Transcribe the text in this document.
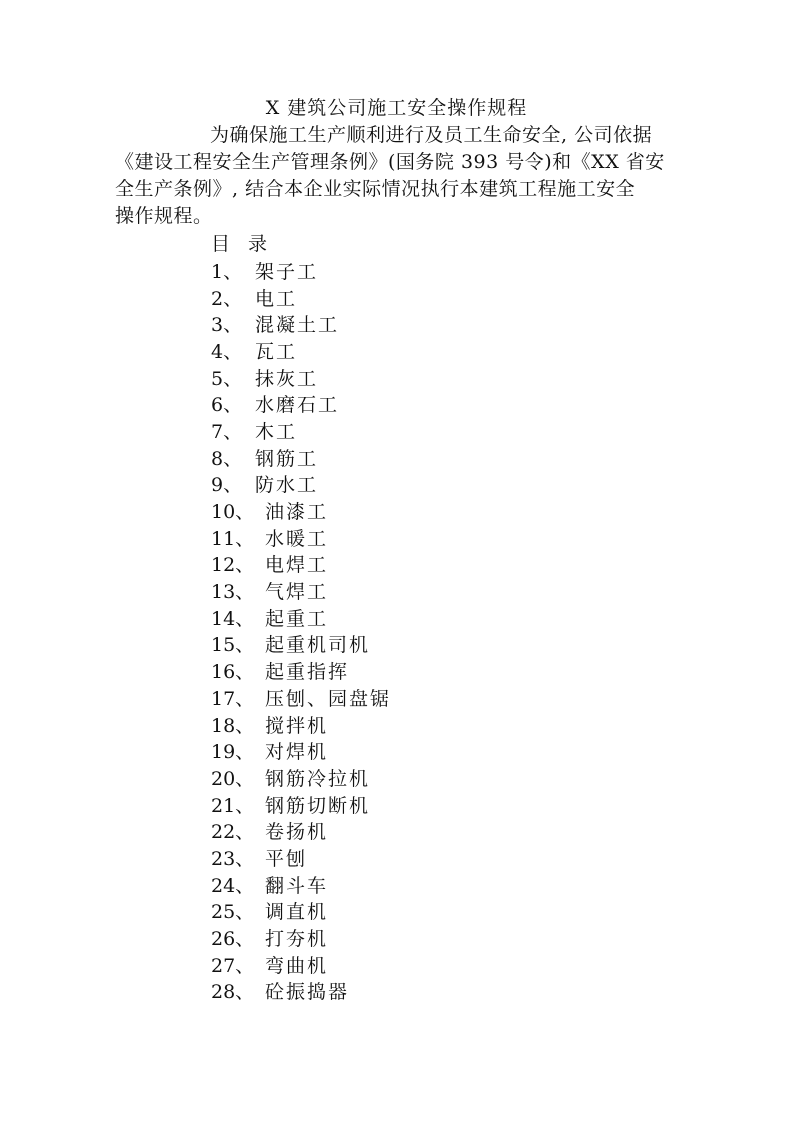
X 建筑公司施工安全操作规程
为确保施工生产顺利进行及员工生命安全, 公司依据
《建设工程安全生产管理条例》(国务院 393 号令)和《XX 省安
全生产条例》, 结合本企业实际情况执行本建筑工程施工安全
操作规程。
目 录
1、 架子工
2、 电工
3、 混凝土工
4、 瓦工
5、 抹灰工
6、 水磨石工
7、 木工
8、 钢筋工
9、 防水工
10、 油漆工
11、 水暖工
12、 电焊工
13、 气焊工
14、 起重工
15、 起重机司机
16、 起重指挥
17、 压刨、园盘锯
18、 搅拌机
19、 对焊机
20、 钢筋冷拉机
21、 钢筋切断机
22、 卷扬机
23、 平刨
24、 翻斗车
25、 调直机
26、 打夯机
27、 弯曲机
28、 砼振捣器
